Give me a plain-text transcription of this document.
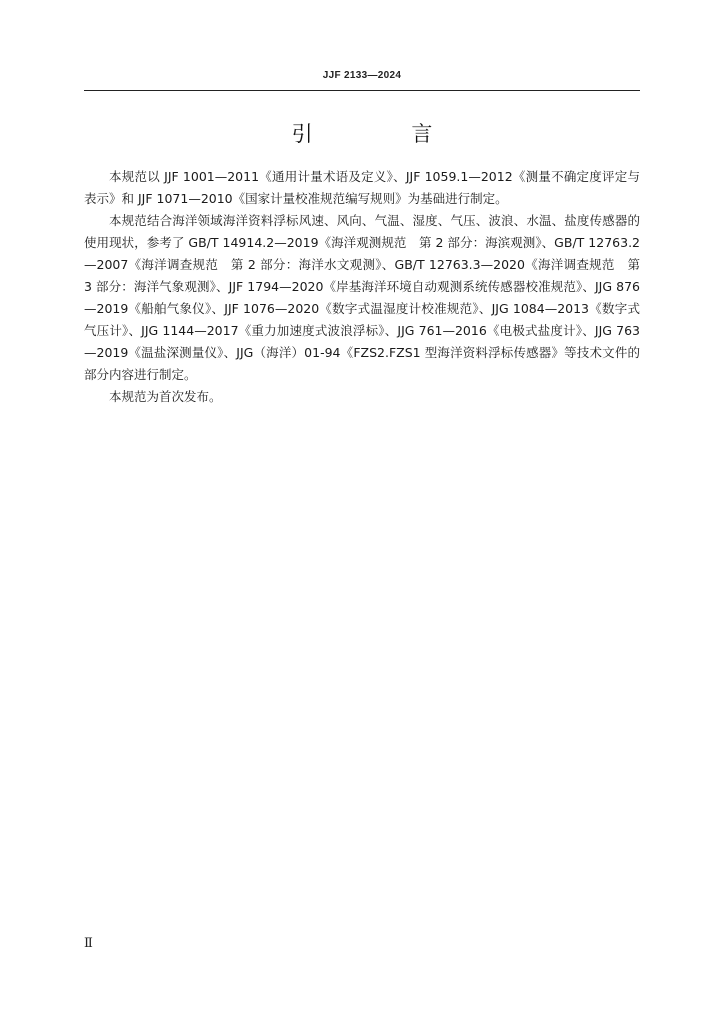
JJF 2133—2024
引 言

本规范以 JJF 1001—2011《通用计量术语及定义》、JJF 1059.1—2012《测量不确定度评定与表示》和 JJF 1071—2010《国家计量校准规范编写规则》为基础进行制定。

本规范结合海洋领域海洋资料浮标风速、风向、气温、湿度、气压、波浪、水温、盐度传感器的使用现状，参考了 GB/T 14914.2—2019《海洋观测规范　第 2 部分：海滨观测》、GB/T 12763.2—2007《海洋调查规范　第 2 部分：海洋水文观测》、GB/T 12763.3—2020《海洋调查规范　第 3 部分：海洋气象观测》、JJF 1794—2020《岸基海洋环境自动观测系统传感器校准规范》、JJG 876—2019《船舶气象仪》、JJF 1076—2020《数字式温湿度计校准规范》、JJG 1084—2013《数字式气压计》、JJG 1144—2017《重力加速度式波浪浮标》、JJG 761—2016《电极式盐度计》、JJG 763—2019《温盐深测量仪》、JJG（海洋）01-94《FZS2.FZS1 型海洋资料浮标传感器》等技术文件的部分内容进行制定。

本规范为首次发布。

Ⅱ
